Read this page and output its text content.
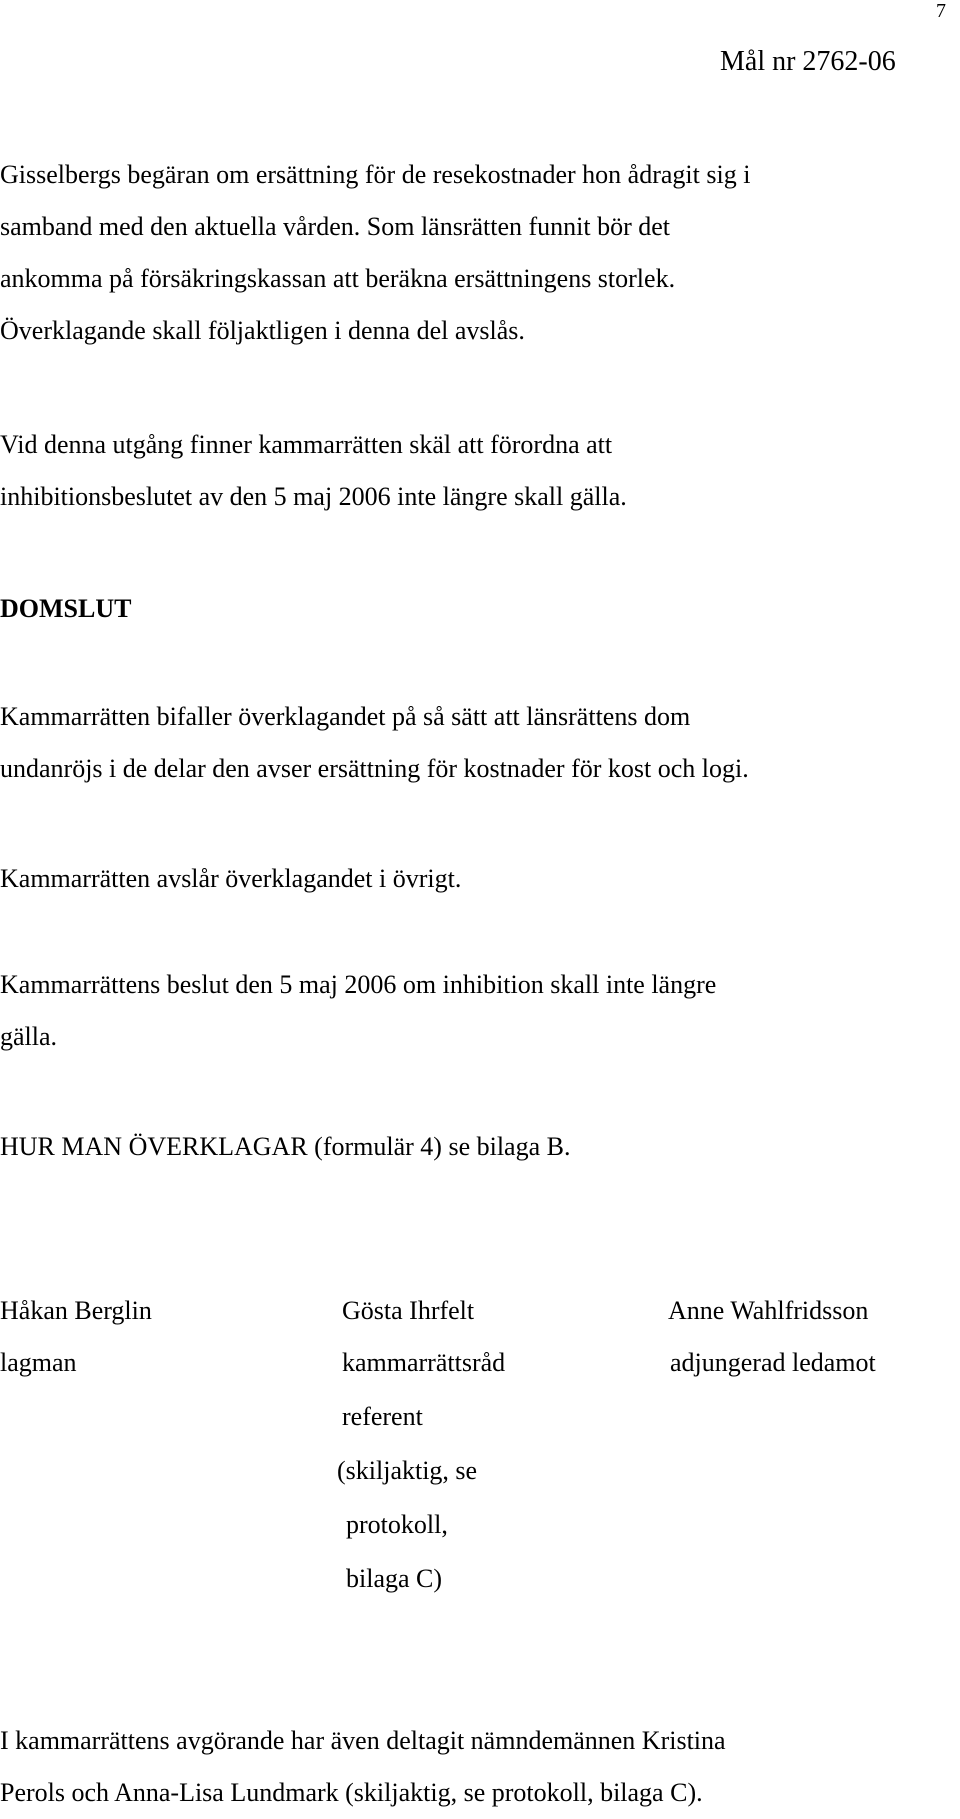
7
Mål nr 2762-06
Gisselbergs begäran om ersättning för de resekostnader hon ådragit sig i
samband med den aktuella vården. Som länsrätten funnit bör det
ankomma på försäkringskassan att beräkna ersättningens storlek.
Överklagande skall följaktligen i denna del avslås.
Vid denna utgång finner kammarrätten skäl att förordna att
inhibitionsbeslutet av den 5 maj 2006 inte längre skall gälla.
DOMSLUT
Kammarrätten bifaller överklagandet på så sätt att länsrättens dom
undanröjs i de delar den avser ersättning för kostnader för kost och logi.
Kammarrätten avslår överklagandet i övrigt.
Kammarrättens beslut den 5 maj 2006 om inhibition skall inte längre
gälla.
HUR MAN ÖVERKLAGAR (formulär 4) se bilaga B.
Håkan Berglin
lagman
Gösta Ihrfelt
kammarrättsråd
referent
(skiljaktig, se
protokoll,
bilaga C)
Anne Wahlfridsson
adjungerad ledamot
I kammarrättens avgörande har även deltagit nämndemännen Kristina
Perols och Anna-Lisa Lundmark (skiljaktig, se protokoll, bilaga C).
